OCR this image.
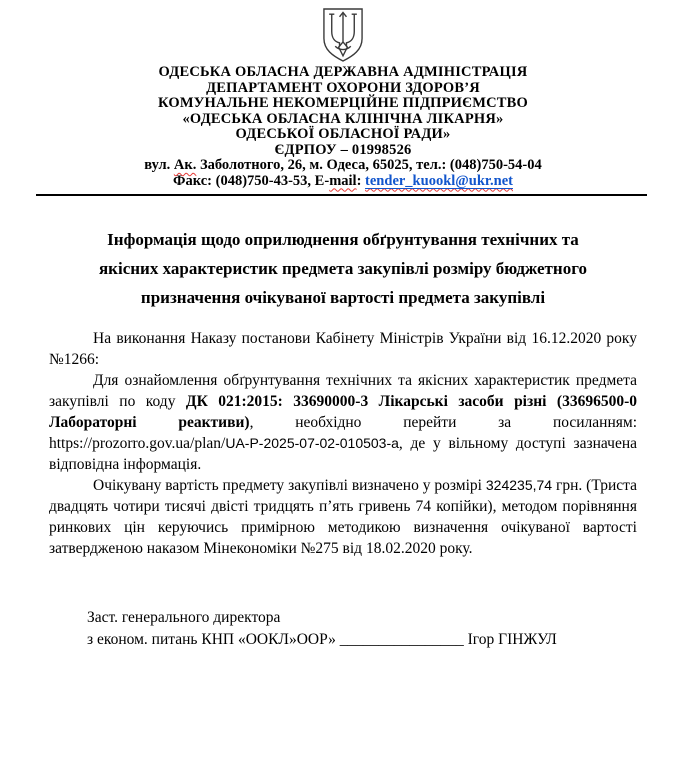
ОДЕСЬКА ОБЛАСНА ДЕРЖАВНА АДМІНІСТРАЦІЯ
ДЕПАРТАМЕНТ ОХОРОНИ ЗДОРОВ’Я
КОМУНАЛЬНЕ НЕКОМЕРЦІЙНЕ ПІДПРИЄМСТВО
«ОДЕСЬКА ОБЛАСНА КЛІНІЧНА ЛІКАРНЯ»
ОДЕСЬКОЇ ОБЛАСНОЇ РАДИ»
ЄДРПОУ – 01998526
вул. Ак. Заболотного, 26, м. Одеса, 65025, тел.: (048)750-54-04
Факс: (048)750-43-53, E-mail: tender_kuookl@ukr.net
Інформація щодо оприлюднення обґрунтування технічних та
якісних характеристик предмета закупівлі розміру бюджетного
призначення очікуваної вартості предмета закупівлі

На виконання Наказу постанови Кабінету Міністрів України від 16.12.2020 року №1266:

Для ознайомлення обґрунтування технічних та якісних характеристик предмета закупівлі по коду ДК 021:2015: 33690000-3 Лікарські засоби різні (33696500-0 Лабораторні реактиви), необхідно перейти за посиланням: https://prozorro.gov.ua/plan/UA-P-2025-07-02-010503-a, де у вільному доступі зазначена відповідна інформація.

Очікувану вартість предмету закупівлі визначено у розмірі 324235,74 грн. (Триста двадцять чотири тисячі двісті тридцять п’ять гривень 74 копійки), методом порівняння ринкових цін керуючись примірною методикою визначення очікуваної вартості затвердженою наказом Мінекономіки №275 від 18.02.2020 року.

Заст. генерального директора
з економ. питань КНП «ООКЛ»ООР» ________________ Ігор ГІНЖУЛ
